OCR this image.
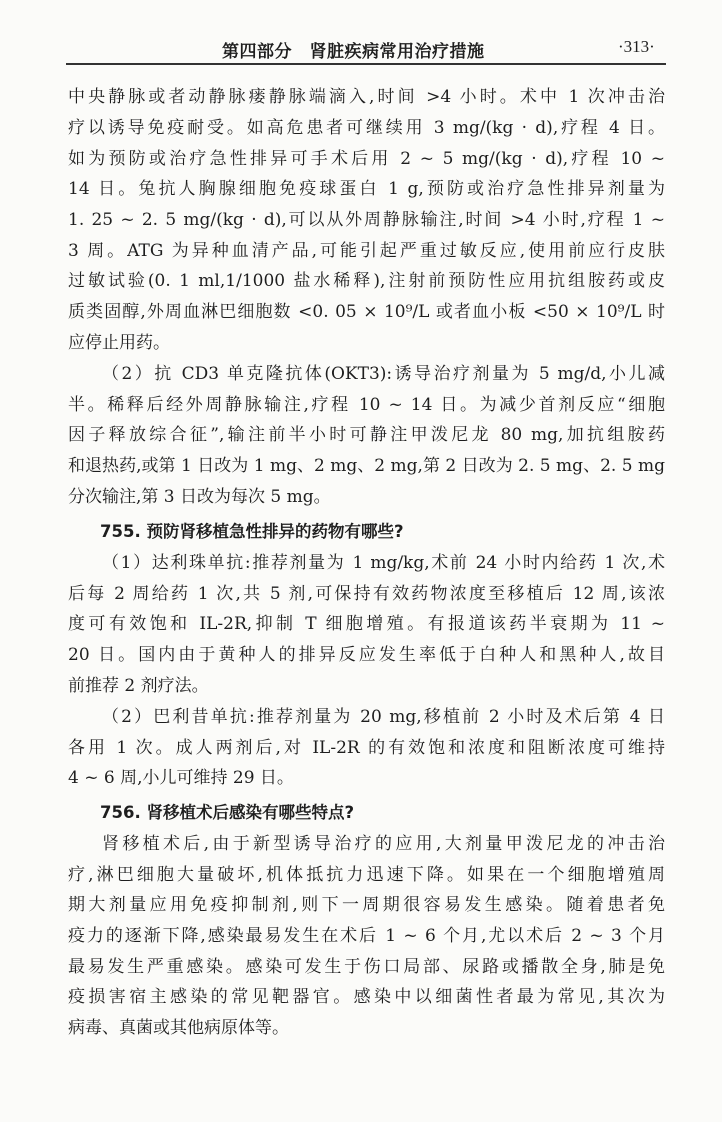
第四部分　肾脏疾病常用治疗措施	·313·
中央静脉或者动静脉瘘静脉端滴入,时间 >4 小时。术中 1 次冲击治
疗以诱导免疫耐受。如高危患者可继续用 3 mg/(kg · d),疗程 4 日。
如为预防或治疗急性排异可手术后用 2 ~ 5 mg/(kg · d),疗程 10 ~
14 日。兔抗人胸腺细胞免疫球蛋白 1 g,预防或治疗急性排异剂量为
1. 25 ~ 2. 5 mg/(kg · d),可以从外周静脉输注,时间 >4 小时,疗程 1 ~
3 周。ATG 为异种血清产品,可能引起严重过敏反应,使用前应行皮肤
过敏试验(0. 1 ml,1/1000 盐水稀释),注射前预防性应用抗组胺药或皮
质类固醇,外周血淋巴细胞数 <0. 05 × 10⁹/L 或者血小板 <50 × 10⁹/L 时
应停止用药。
（2）抗 CD3 单克隆抗体(OKT3):诱导治疗剂量为 5 mg/d,小儿减
半。稀释后经外周静脉输注,疗程 10 ~ 14 日。为减少首剂反应“细胞
因子释放综合征”,输注前半小时可静注甲泼尼龙 80 mg,加抗组胺药
和退热药,或第 1 日改为 1 mg、2 mg、2 mg,第 2 日改为 2. 5 mg、2. 5 mg
分次输注,第 3 日改为每次 5 mg。
755. 预防肾移植急性排异的药物有哪些?
（1）达利珠单抗:推荐剂量为 1 mg/kg,术前 24 小时内给药 1 次,术
后每 2 周给药 1 次,共 5 剂,可保持有效药物浓度至移植后 12 周,该浓
度可有效饱和 IL-2R,抑制 T 细胞增殖。有报道该药半衰期为 11 ~
20 日。国内由于黄种人的排异反应发生率低于白种人和黑种人,故目
前推荐 2 剂疗法。
（2）巴利昔单抗:推荐剂量为 20 mg,移植前 2 小时及术后第 4 日
各用 1 次。成人两剂后,对 IL-2R 的有效饱和浓度和阻断浓度可维持
4 ~ 6 周,小儿可维持 29 日。
756. 肾移植术后感染有哪些特点?
肾移植术后,由于新型诱导治疗的应用,大剂量甲泼尼龙的冲击治
疗,淋巴细胞大量破坏,机体抵抗力迅速下降。如果在一个细胞增殖周
期大剂量应用免疫抑制剂,则下一周期很容易发生感染。随着患者免
疫力的逐渐下降,感染最易发生在术后 1 ~ 6 个月,尤以术后 2 ~ 3 个月
最易发生严重感染。感染可发生于伤口局部、尿路或播散全身,肺是免
疫损害宿主感染的常见靶器官。感染中以细菌性者最为常见,其次为
病毒、真菌或其他病原体等。
